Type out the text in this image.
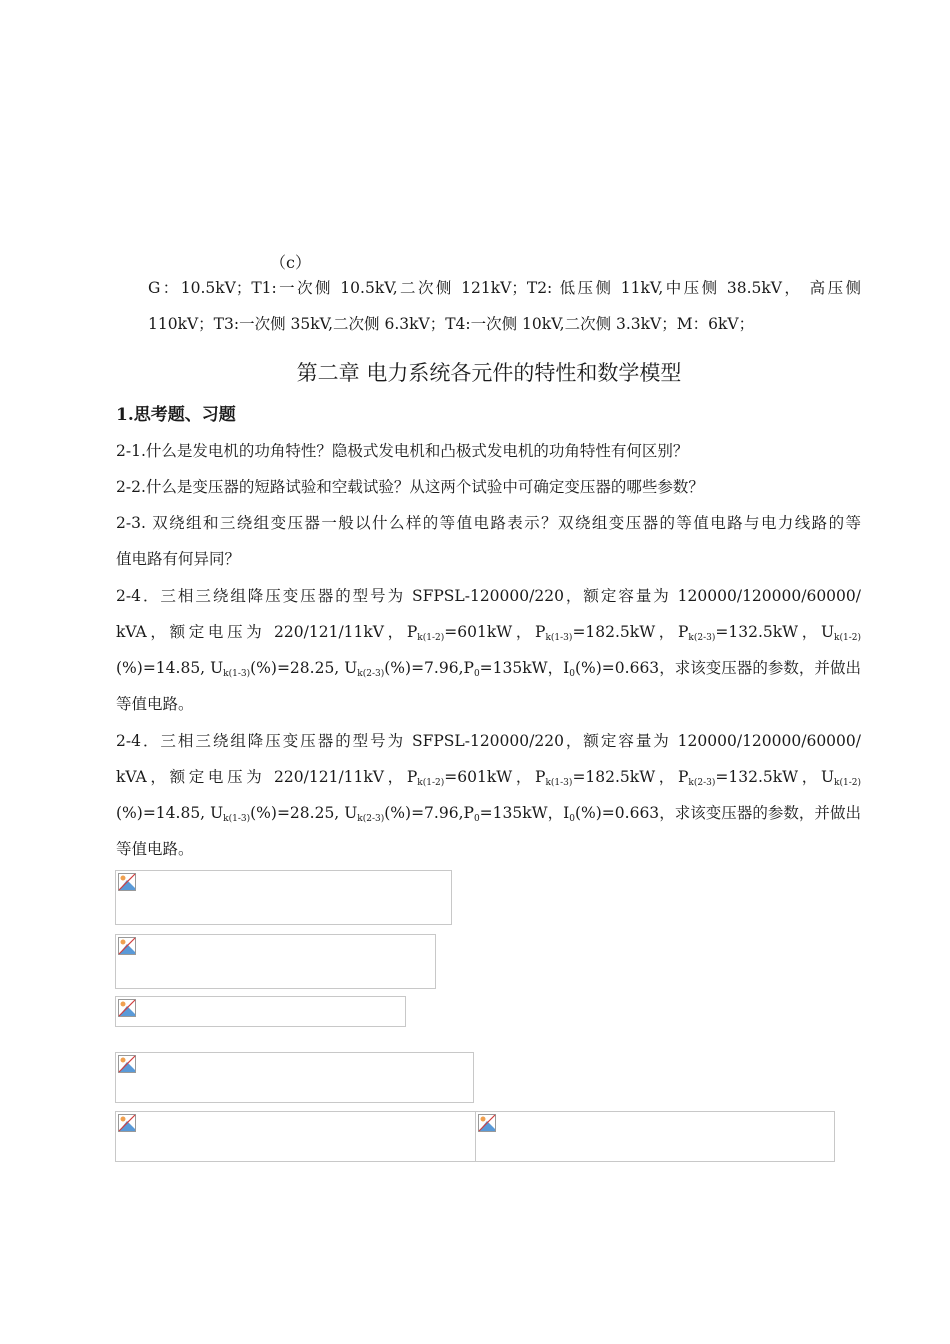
（c）
G：10.5kV；T1:一次侧 10.5kV,二次侧 121kV；T2: 低压侧 11kV,中压侧 38.5kV， 高压侧
110kV；T3:一次侧 35kV,二次侧 6.3kV；T4:一次侧 10kV,二次侧 3.3kV；M：6kV；
第二章 电力系统各元件的特性和数学模型
1.思考题、习题
2-1.什么是发电机的功角特性？隐极式发电机和凸极式发电机的功角特性有何区别？
2-2.什么是变压器的短路试验和空载试验？从这两个试验中可确定变压器的哪些参数？
2-3. 双绕组和三绕组变压器一般以什么样的等值电路表示？双绕组变压器的等值电路与电力线路的等
值电路有何异同？
2-4．三相三绕组降压变压器的型号为 SFPSL-120000/220，额定容量为 120000/120000/60000/
kVA，额定电压为 220/121/11kV，$P_{k(1-2)}=601kW$，$P_{k(1-3)}=182.5kW$，$P_{k(2-3)}=132.5kW$，$U_{k(1-2)}$
(%)=14.85, $U_{k(1-3)}(\%)=28.25$, $U_{k(2-3)}(\%)=7.96,P_0=135kW$，$I_0(\%)=0.663$，求该变压器的参数，并做出
等值电路。
2-4．三相三绕组降压变压器的型号为 SFPSL-120000/220，额定容量为 120000/120000/60000/
kVA，额定电压为 220/121/11kV，$P_{k(1-2)}=601kW$，$P_{k(1-3)}=182.5kW$，$P_{k(2-3)}=132.5kW$，$U_{k(1-2)}$
(%)=14.85, $U_{k(1-3)}(\%)=28.25$, $U_{k(2-3)}(\%)=7.96,P_0=135kW$，$I_0(\%)=0.663$，求该变压器的参数，并做出
等值电路。
